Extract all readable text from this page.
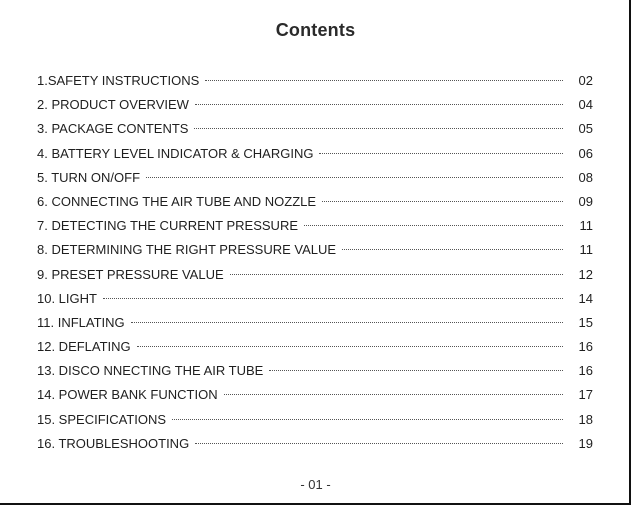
Contents
1.SAFETY INSTRUCTIONS	02
2. PRODUCT OVERVIEW	04
3. PACKAGE CONTENTS	05
4. BATTERY LEVEL INDICATOR & CHARGING	06
5. TURN ON/OFF	08
6. CONNECTING THE AIR TUBE AND NOZZLE	09
7. DETECTING THE CURRENT PRESSURE	11
8. DETERMINING THE RIGHT PRESSURE VALUE	11
9. PRESET PRESSURE VALUE	12
10. LIGHT	14
11. INFLATING	15
12. DEFLATING	16
13. DISCO NNECTING THE AIR TUBE	16
14. POWER BANK FUNCTION	17
15. SPECIFICATIONS	18
16. TROUBLESHOOTING	19
- 01 -
